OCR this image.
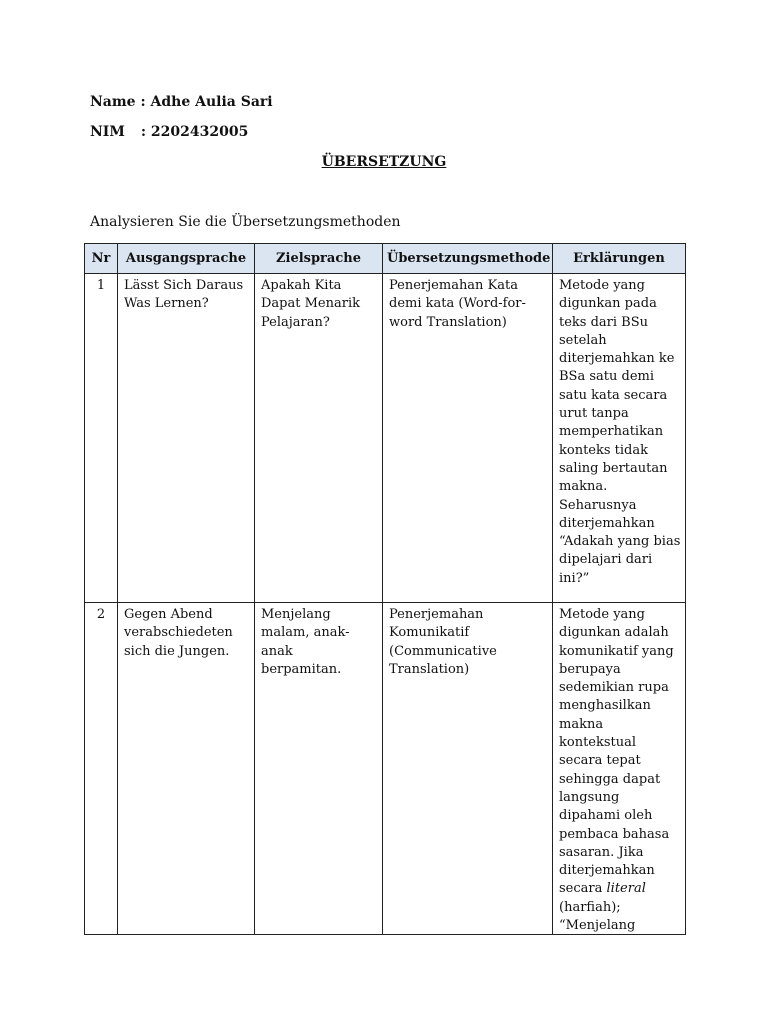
Name : Adhe Aulia Sari
NIM : 2202432005
ÜBERSETZUNG
Analysieren Sie die Übersetzungsmethoden
Nr	Ausgangsprache	Zielsprache	Übersetzungsmethode	Erklärungen
1	Lässt Sich Daraus Was Lernen?	Apakah Kita Dapat Menarik Pelajaran?	Penerjemahan Kata demi kata (Word-for-word Translation)	Metode yang digunkan pada teks dari BSu setelah diterjemahkan ke BSa satu demi satu kata secara urut tanpa memperhatikan konteks tidak saling bertautan makna. Seharusnya diterjemahkan “Adakah yang bias dipelajari dari ini?”
2	Gegen Abend verabschiedeten sich die Jungen.	Menjelang malam, anak-anak berpamitan.	Penerjemahan Komunikatif (Communicative Translation)	Metode yang digunkan adalah komunikatif yang berupaya sedemikian rupa menghasilkan makna kontekstual secara tepat sehingga dapat langsung dipahami oleh pembaca bahasa sasaran. Jika diterjemahkan secara literal (harfiah); “Menjelang
